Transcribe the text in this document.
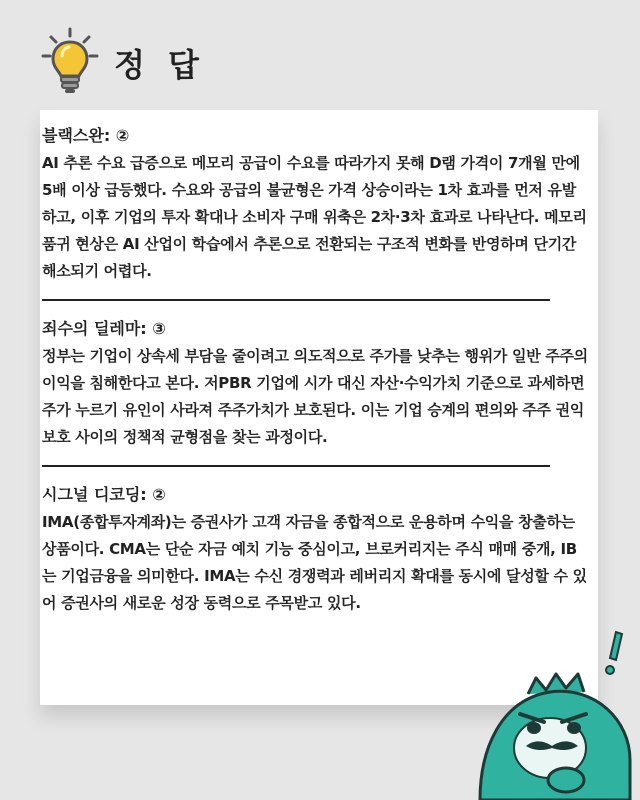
정 답
블랙스완: ②
AI 추론 수요 급증으로 메모리 공급이 수요를 따라가지 못해 D램 가격이 7개월 만에 5배 이상 급등했다. 수요와 공급의 불균형은 가격 상승이라는 1차 효과를 먼저 유발하고, 이후 기업의 투자 확대나 소비자 구매 위축은 2차·3차 효과로 나타난다. 메모리 품귀 현상은 AI 산업이 학습에서 추론으로 전환되는 구조적 변화를 반영하며 단기간 해소되기 어렵다.
죄수의 딜레마: ③
정부는 기업이 상속세 부담을 줄이려고 의도적으로 주가를 낮추는 행위가 일반 주주의 이익을 침해한다고 본다. 저PBR 기업에 시가 대신 자산·수익가치 기준으로 과세하면 주가 누르기 유인이 사라져 주주가치가 보호된다. 이는 기업 승계의 편의와 주주 권익 보호 사이의 정책적 균형점을 찾는 과정이다.
시그널 디코딩: ②
IMA(종합투자계좌)는 증권사가 고객 자금을 종합적으로 운용하며 수익을 창출하는 상품이다. CMA는 단순 자금 예치 기능 중심이고, 브로커리지는 주식 매매 중개, IB는 기업금융을 의미한다. IMA는 수신 경쟁력과 레버리지 확대를 동시에 달성할 수 있어 증권사의 새로운 성장 동력으로 주목받고 있다.
